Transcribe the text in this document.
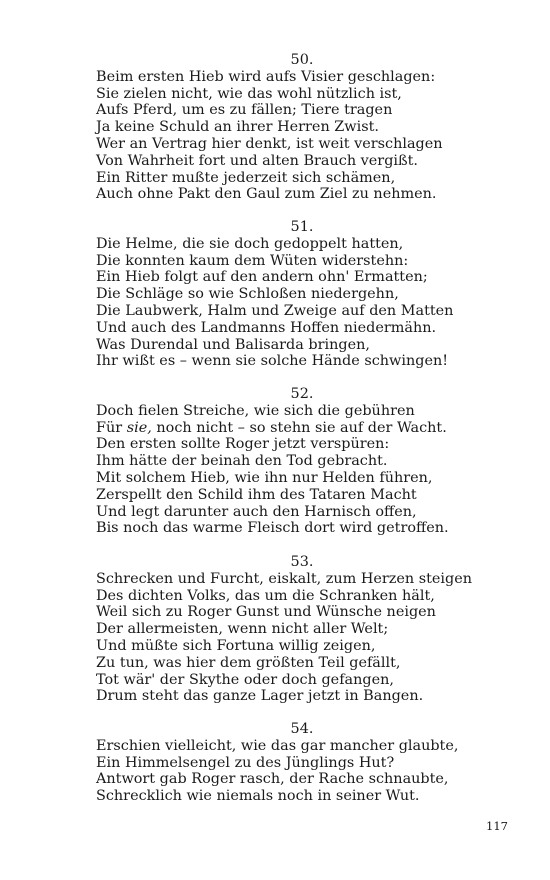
50.
Beim ersten Hieb wird aufs Visier geschlagen:
Sie zielen nicht, wie das wohl nützlich ist,
Aufs Pferd, um es zu fällen; Tiere tragen
Ja keine Schuld an ihrer Herren Zwist.
Wer an Vertrag hier denkt, ist weit verschlagen
Von Wahrheit fort und alten Brauch vergißt.
Ein Ritter mußte jederzeit sich schämen,
Auch ohne Pakt den Gaul zum Ziel zu nehmen.
51.
Die Helme, die sie doch gedoppelt hatten,
Die konnten kaum dem Wüten widerstehn:
Ein Hieb folgt auf den andern ohn' Ermatten;
Die Schläge so wie Schloßen niedergehn,
Die Laubwerk, Halm und Zweige auf den Matten
Und auch des Landmanns Hoffen niedermähn.
Was Durendal und Balisarda bringen,
Ihr wißt es – wenn sie solche Hände schwingen!
52.
Doch fielen Streiche, wie sich die gebühren
Für sie, noch nicht – so stehn sie auf der Wacht.
Den ersten sollte Roger jetzt verspüren:
Ihm hätte der beinah den Tod gebracht.
Mit solchem Hieb, wie ihn nur Helden führen,
Zerspellt den Schild ihm des Tataren Macht
Und legt darunter auch den Harnisch offen,
Bis noch das warme Fleisch dort wird getroffen.
53.
Schrecken und Furcht, eiskalt, zum Herzen steigen
Des dichten Volks, das um die Schranken hält,
Weil sich zu Roger Gunst und Wünsche neigen
Der allermeisten, wenn nicht aller Welt;
Und müßte sich Fortuna willig zeigen,
Zu tun, was hier dem größten Teil gefällt,
Tot wär' der Skythe oder doch gefangen,
Drum steht das ganze Lager jetzt in Bangen.
54.
Erschien vielleicht, wie das gar mancher glaubte,
Ein Himmelsengel zu des Jünglings Hut?
Antwort gab Roger rasch, der Rache schnaubte,
Schrecklich wie niemals noch in seiner Wut.
117
